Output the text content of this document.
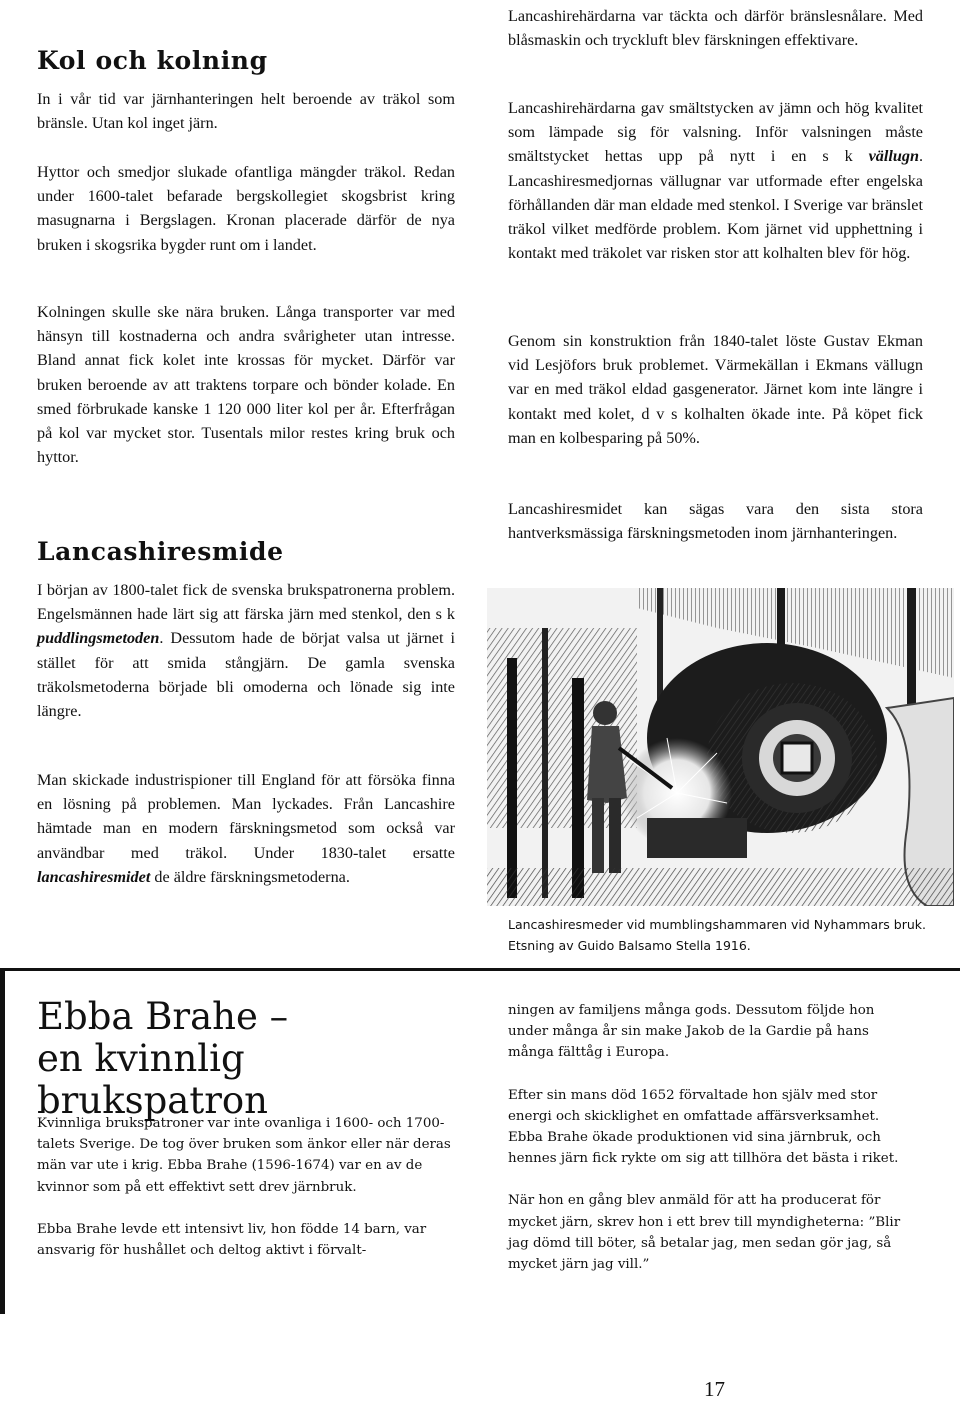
Kol och kolning

In i vår tid var järnhanteringen helt beroende av träkol som bränsle. Utan kol inget järn.

Hyttor och smedjor slukade ofantliga mängder träkol. Redan under 1600-talet befarade bergskollegiet skogsbrist kring masugnarna i Bergslagen. Kronan placerade därför de nya bruken i skogsrika bygder runt om i landet.

Kolningen skulle ske nära bruken. Långa transporter var med hänsyn till kostnaderna och andra svårigheter utan intresse. Bland annat fick kolet inte krossas för mycket. Därför var bruken beroende av att traktens torpare och bönder kolade. En smed förbrukade kanske 1 120 000 liter kol per år. Efterfrågan på kol var mycket stor. Tusentals milor restes kring bruk och hyttor.

Lancashiresmide

I början av 1800-talet fick de svenska brukspatronerna problem. Engelsmännen hade lärt sig att färska järn med stenkol, den s k puddlingsmetoden. Dessutom hade de börjat valsa ut järnet i stället för att smida stångjärn. De gamla svenska träkolsmetoderna började bli omoderna och lönade sig inte längre.

Man skickade industrispioner till England för att försöka finna en lösning på problemen. Man lyckades. Från Lancashire hämtade man en modern färskningsmetod som också var användbar med träkol. Under 1830-talet ersatte lancashiresmidet de äldre färskningsmetoderna.

Lancashirehärdarna var täckta och därför bränslesnålare. Med blåsmaskin och tryckluft blev färskningen effektivare.

Lancashirehärdarna gav smältstycken av jämn och hög kvalitet som lämpade sig för valsning. Inför valsningen måste smältstycket hettas upp på nytt i en s k vällugn. Lancashiresmedjornas vällugnar var utformade efter engelska förhållanden där man eldade med stenkol. I Sverige var bränslet träkol vilket medförde problem. Kom järnet vid upphettning i kontakt med träkolet var risken stor att kolhalten blev för hög.

Genom sin konstruktion från 1840-talet löste Gustav Ekman vid Lesjöfors bruk problemet. Värmekällan i Ekmans vällugn var en med träkol eldad gasgenerator. Järnet kom inte längre i kontakt med kolet, d v s kolhalten ökade inte. På köpet fick man en kolbesparing på 50%.

Lancashiresmidet kan sägas vara den sista stora hantverksmässiga färskningsmetoden inom järnhanteringen.

Lancashiresmeder vid mumblingshammaren vid Nyhammars bruk.
Etsning av Guido Balsamo Stella 1916.
Ebba Brahe –
en kvinnlig brukspatron

Kvinnliga brukspatroner var inte ovanliga i 1600- och 1700-talets Sverige. De tog över bruken som änkor eller när deras män var ute i krig. Ebba Brahe (1596-1674) var en av de kvinnor som på ett effektivt sett drev järnbruk.

Ebba Brahe levde ett intensivt liv, hon födde 14 barn, var ansvarig för hushållet och deltog aktivt i förvalt-

ningen av familjens många gods. Dessutom följde hon under många år sin make Jakob de la Gardie på hans många fälttåg i Europa.

Efter sin mans död 1652 förvaltade hon själv med stor energi och skicklighet en omfattade affärsverksamhet. Ebba Brahe ökade produktionen vid sina järnbruk, och hennes järn fick rykte om sig att tillhöra det bästa i riket.

När hon en gång blev anmäld för att ha producerat för mycket järn, skrev hon i ett brev till myndigheterna: ”Blir jag dömd till böter, så betalar jag, men sedan gör jag, så mycket järn jag vill.”

17
